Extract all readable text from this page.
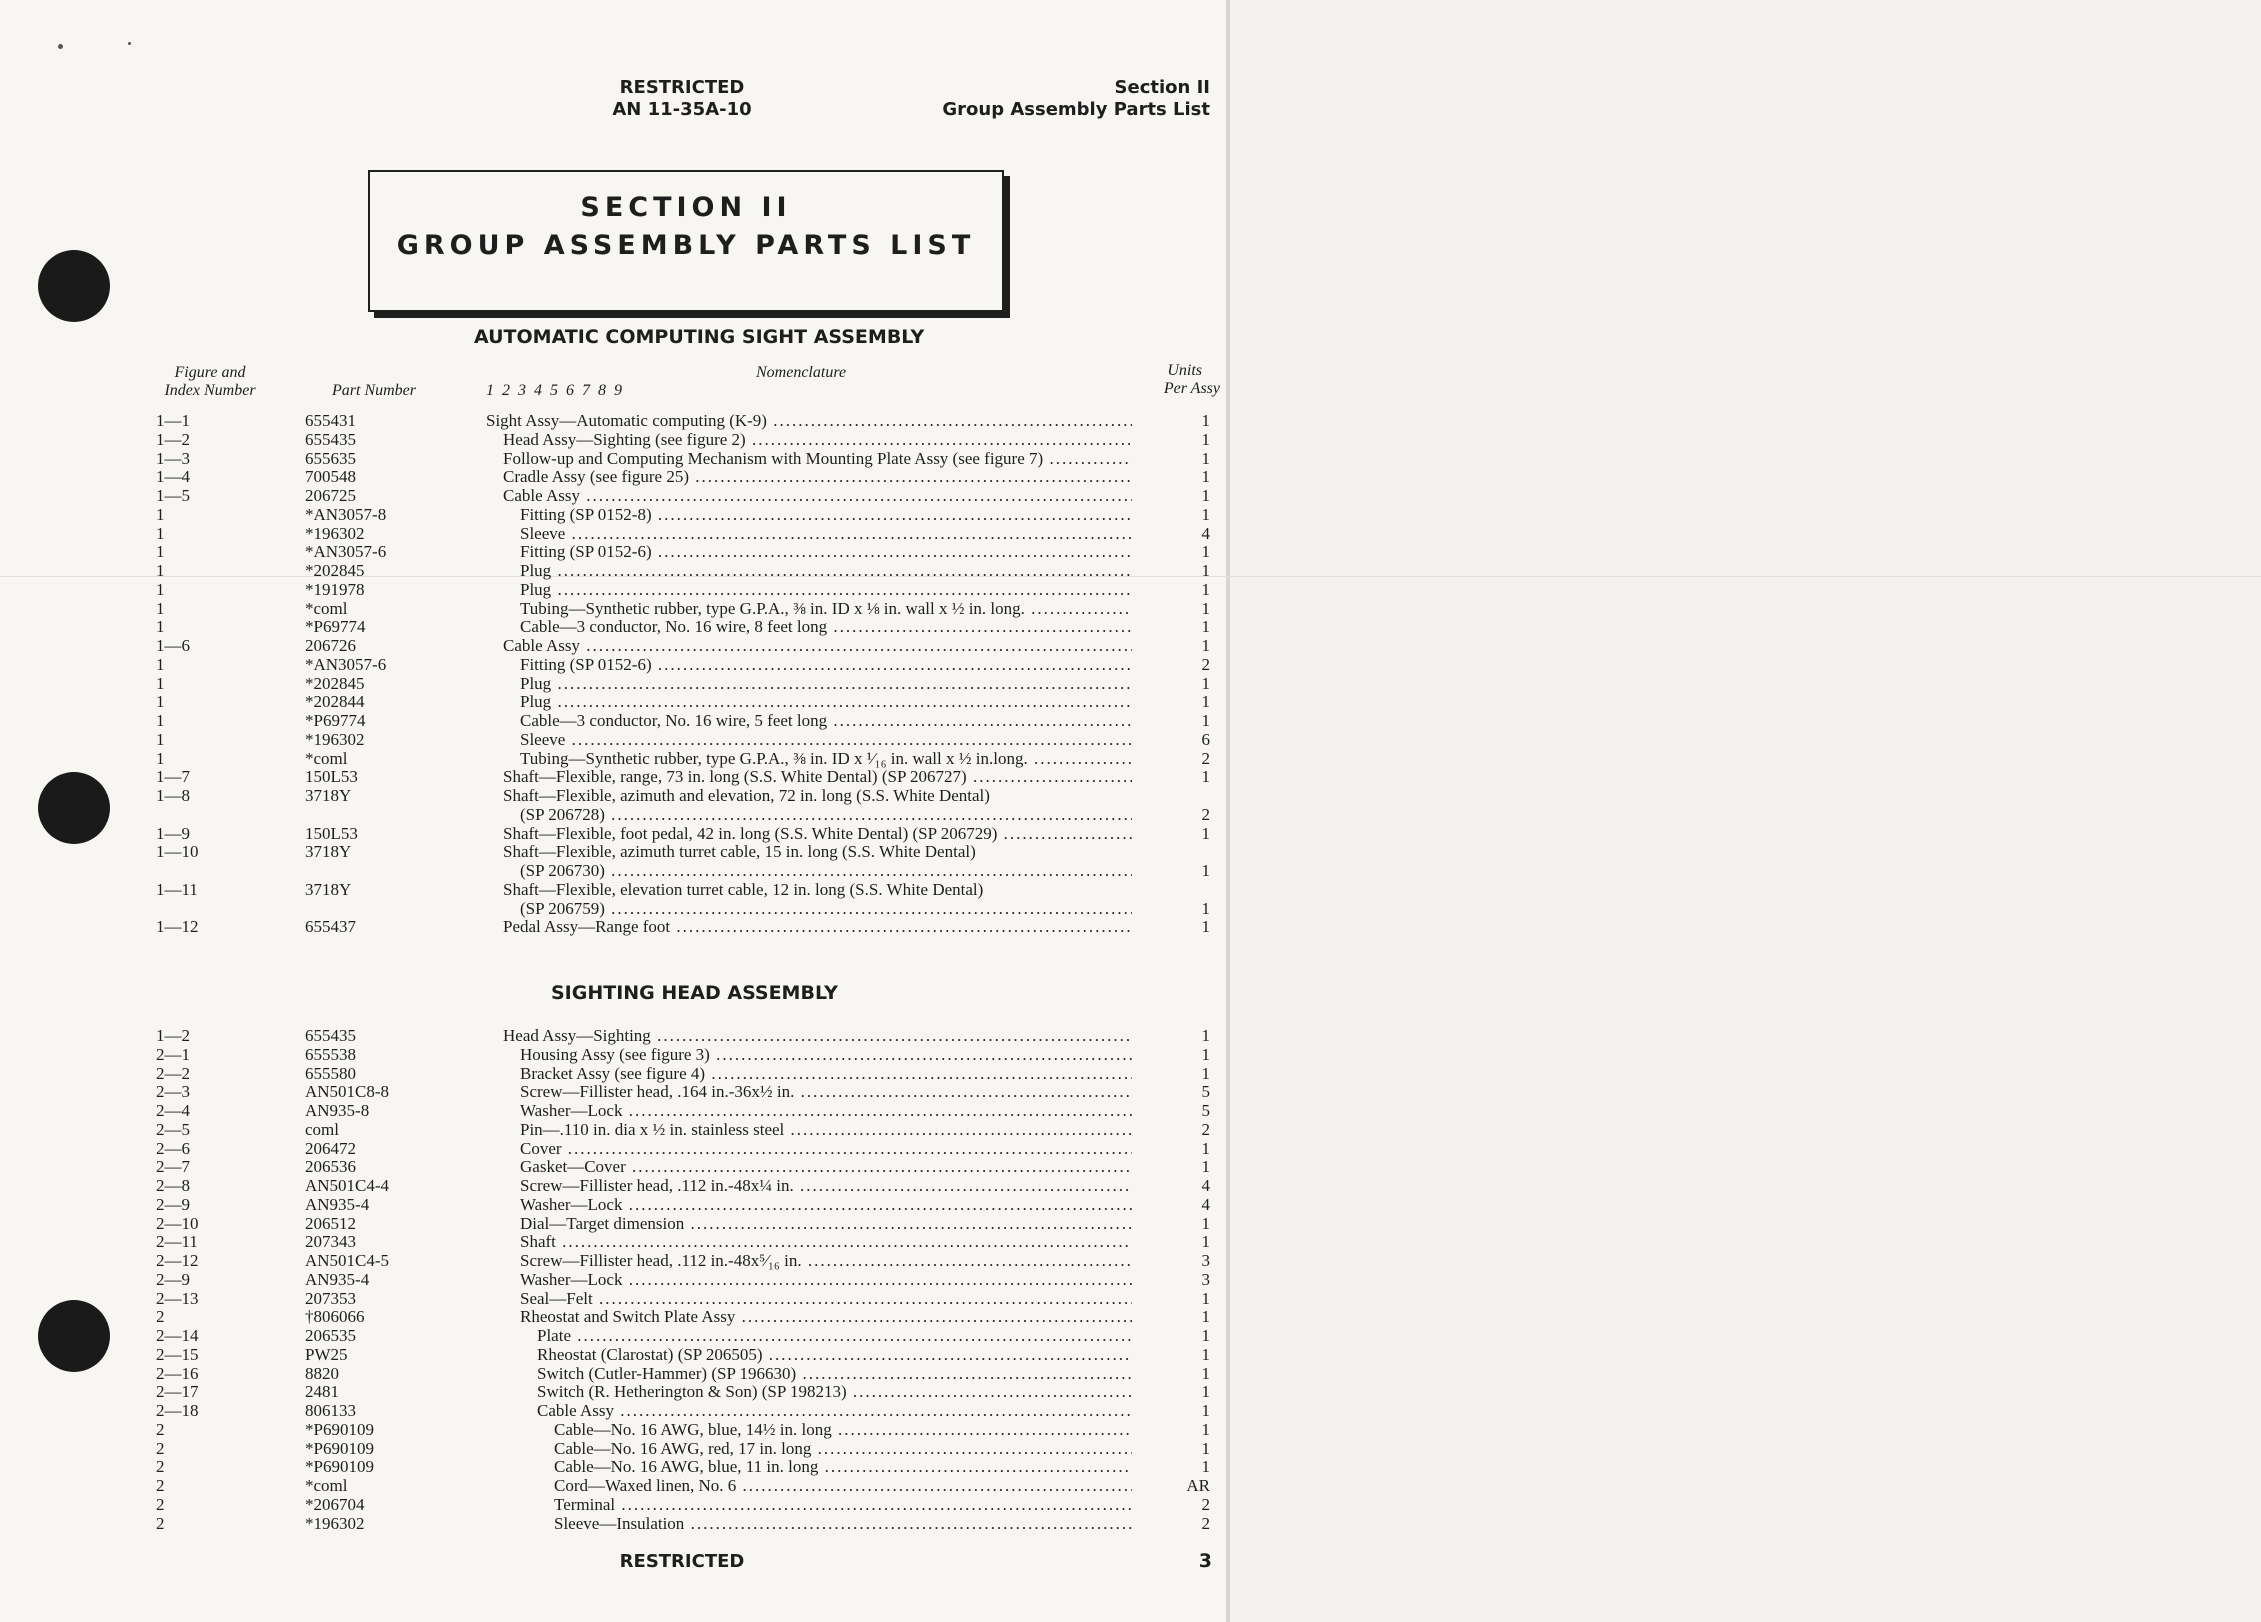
RESTRICTED
AN 11-35A-10
Section II
Group Assembly Parts List
SECTION II
GROUP ASSEMBLY PARTS LIST
AUTOMATIC COMPUTING SIGHT ASSEMBLY
Figure and
Index Number	Part Number
Nomenclature
1 2 3 4 5 6 7 8 9
Units
Per Assy
1—1	655431	Sight Assy—Automatic computing (K-9) .....	1
1—2	655435	Head Assy—Sighting (see figure 2) .....	1
1—3	655635	Follow-up and Computing Mechanism with Mounting Plate Assy (see figure 7) .....	1
1—4	700548	Cradle Assy (see figure 25) .....	1
1—5	206725	Cable Assy .....	1
1	*AN3057-8	Fitting (SP 0152-8) .....	1
1	*196302	Sleeve .....	4
1	*AN3057-6	Fitting (SP 0152-6) .....	1
1	*202845	Plug .....	1
1	*191978	Plug .....	1
1	*coml	Tubing—Synthetic rubber, type G.P.A., ⅜ in. ID x ⅛ in. wall x ½ in. long. .....	1
1	*P69774	Cable—3 conductor, No. 16 wire, 8 feet long .....	1
1—6	206726	Cable Assy .....	1
1	*AN3057-6	Fitting (SP 0152-6) .....	2
1	*202845	Plug .....	1
1	*202844	Plug .....	1
1	*P69774	Cable—3 conductor, No. 16 wire, 5 feet long .....	1
1	*196302	Sleeve .....	6
1	*coml	Tubing—Synthetic rubber, type G.P.A., ⅜ in. ID x ¹⁄₁₆ in. wall x ½ in.long. .....	2
1—7	150L53	Shaft—Flexible, range, 73 in. long (S.S. White Dental) (SP 206727) .....	1
1—8	3718Y	Shaft—Flexible, azimuth and elevation, 72 in. long (S.S. White Dental)
(SP 206728) .....	2
1—9	150L53	Shaft—Flexible, foot pedal, 42 in. long (S.S. White Dental) (SP 206729) .....	1
1—10	3718Y	Shaft—Flexible, azimuth turret cable, 15 in. long (S.S. White Dental)
(SP 206730) .....	1
1—11	3718Y	Shaft—Flexible, elevation turret cable, 12 in. long (S.S. White Dental)
(SP 206759) .....	1
1—12	655437	Pedal Assy—Range foot .....	1
SIGHTING HEAD ASSEMBLY
1—2	655435	Head Assy—Sighting .....	1
2—1	655538	Housing Assy (see figure 3) .....	1
2—2	655580	Bracket Assy (see figure 4) .....	1
2—3	AN501C8-8	Screw—Fillister head, .164 in.-36x½ in. .....	5
2—4	AN935-8	Washer—Lock .....	5
2—5	coml	Pin—.110 in. dia x ½ in. stainless steel .....	2
2—6	206472	Cover .....	1
2—7	206536	Gasket—Cover .....	1
2—8	AN501C4-4	Screw—Fillister head, .112 in.-48x¼ in. .....	4
2—9	AN935-4	Washer—Lock .....	4
2—10	206512	Dial—Target dimension .....	1
2—11	207343	Shaft .....	1
2—12	AN501C4-5	Screw—Fillister head, .112 in.-48x⁵⁄₁₆ in. .....	3
2—9	AN935-4	Washer—Lock .....	3
2—13	207353	Seal—Felt .....	1
2	†806066	Rheostat and Switch Plate Assy .....	1
2—14	206535	Plate .....	1
2—15	PW25	Rheostat (Clarostat) (SP 206505) .....	1
2—16	8820	Switch (Cutler-Hammer) (SP 196630) .....	1
2—17	2481	Switch (R. Hetherington & Son) (SP 198213) .....	1
2—18	806133	Cable Assy .....	1
2	*P690109	Cable—No. 16 AWG, blue, 14½ in. long .....	1
2	*P690109	Cable—No. 16 AWG, red, 17 in. long .....	1
2	*P690109	Cable—No. 16 AWG, blue, 11 in. long .....	1
2	*coml	Cord—Waxed linen, No. 6 .....	AR
2	*206704	Terminal .....	2
2	*196302	Sleeve—Insulation .....	2
RESTRICTED	3
